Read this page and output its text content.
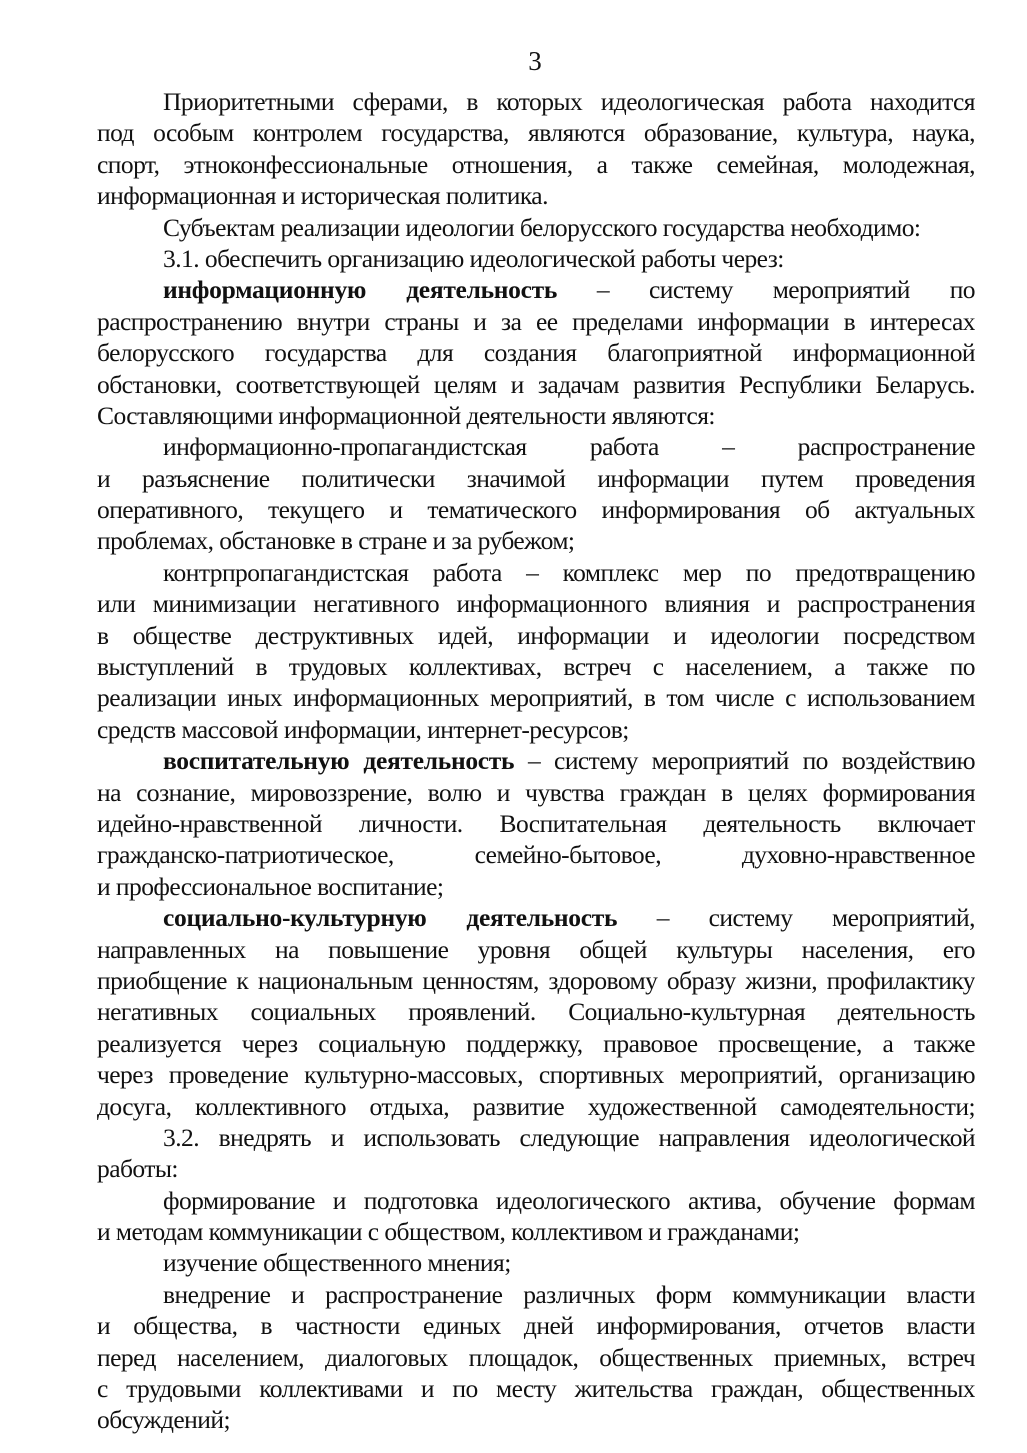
3
Приоритетными сферами, в которых идеологическая работа находится
под особым контролем государства, являются образование, культура, наука,
спорт, этноконфессиональные отношения, а также семейная, молодежная,
информационная и историческая политика.
Субъектам реализации идеологии белорусского государства необходимо:
3.1. обеспечить организацию идеологической работы через:
информационную деятельность – систему мероприятий по
распространению внутри страны и за ее пределами информации в интересах
белорусского государства для создания благоприятной информационной
обстановки, соответствующей целям и задачам развития Республики Беларусь.
Составляющими информационной деятельности являются:
информационно-пропагандистская работа – распространение
и разъяснение политически значимой информации путем проведения
оперативного, текущего и тематического информирования об актуальных
проблемах, обстановке в стране и за рубежом;
контрпропагандистская работа – комплекс мер по предотвращению
или минимизации негативного информационного влияния и распространения
в обществе деструктивных идей, информации и идеологии посредством
выступлений в трудовых коллективах, встреч с населением, а также по
реализации иных информационных мероприятий, в том числе с использованием
средств массовой информации, интернет-ресурсов;
воспитательную деятельность – систему мероприятий по воздействию
на сознание, мировоззрение, волю и чувства граждан в целях формирования
идейно-нравственной личности. Воспитательная деятельность включает
гражданско-патриотическое, семейно-бытовое, духовно-нравственное
и профессиональное воспитание;
социально-культурную деятельность – систему мероприятий,
направленных на повышение уровня общей культуры населения, его
приобщение к национальным ценностям, здоровому образу жизни, профилактику
негативных социальных проявлений. Социально-культурная деятельность
реализуется через социальную поддержку, правовое просвещение, а также
через проведение культурно-массовых, спортивных мероприятий, организацию
досуга, коллективного отдыха, развитие художественной самодеятельности;
3.2. внедрять и использовать следующие направления идеологической
работы:
формирование и подготовка идеологического актива, обучение формам
и методам коммуникации с обществом, коллективом и гражданами;
изучение общественного мнения;
внедрение и распространение различных форм коммуникации власти
и общества, в частности единых дней информирования, отчетов власти
перед населением, диалоговых площадок, общественных приемных, встреч
с трудовыми коллективами и по месту жительства граждан, общественных
обсуждений;
